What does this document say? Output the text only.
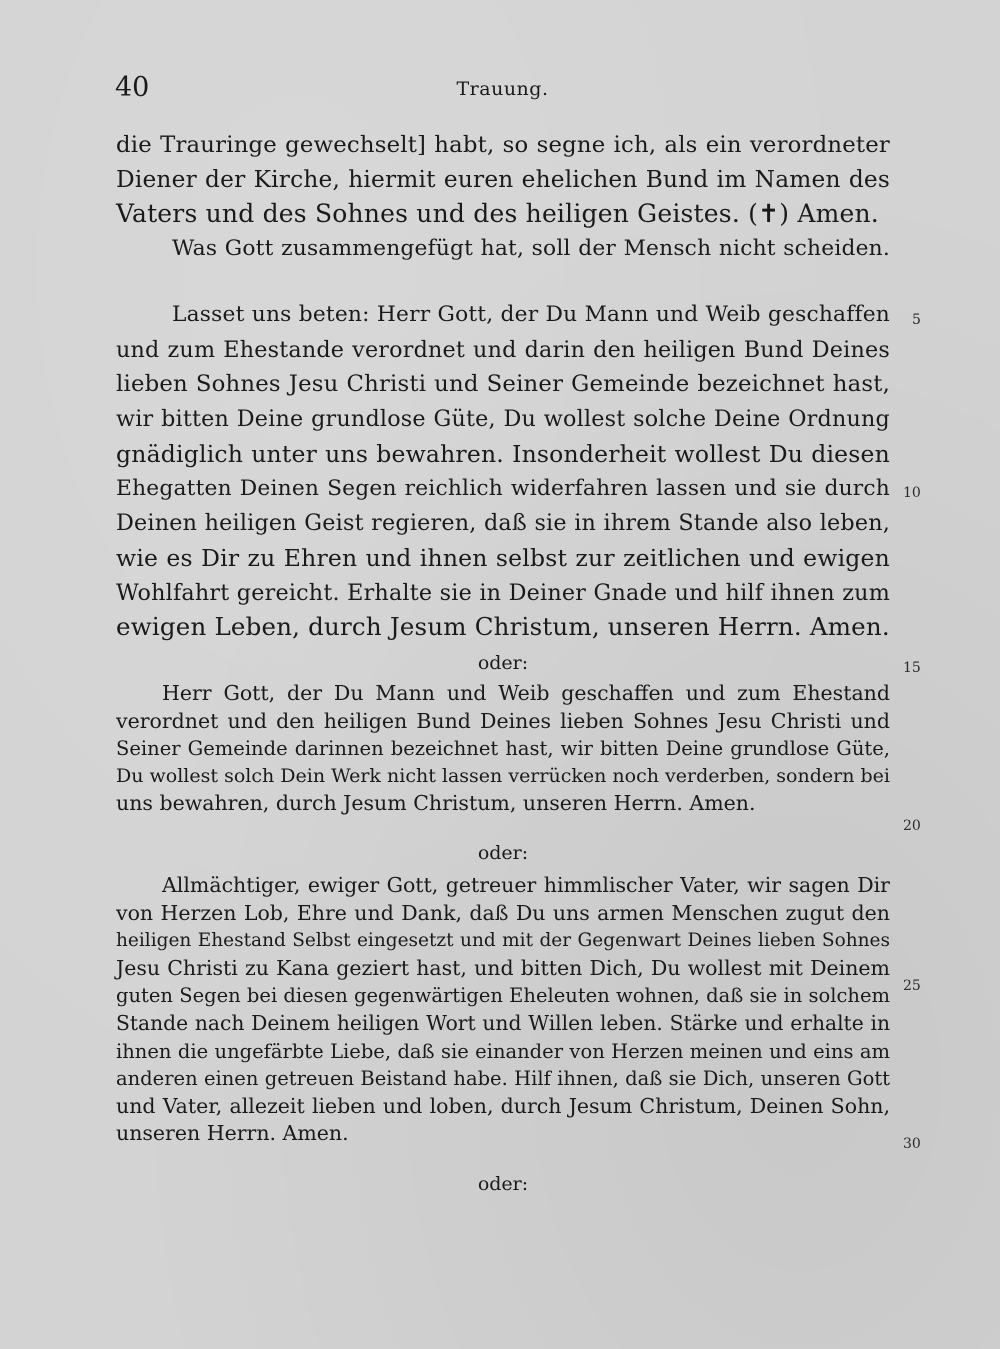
40	Trauung.
die Trauringe gewechselt] habt, so segne ich, als ein verordneter
Diener der Kirche, hiermit euren ehelichen Bund im Namen des
Vaters und des Sohnes und des heiligen Geistes. (✝) Amen.
Was Gott zusammengefügt hat, soll der Mensch nicht scheiden.
Lasset uns beten: Herr Gott, der Du Mann und Weib geschaffen
und zum Ehestande verordnet und darin den heiligen Bund Deines
lieben Sohnes Jesu Christi und Seiner Gemeinde bezeichnet hast,
wir bitten Deine grundlose Güte, Du wollest solche Deine Ordnung
gnädiglich unter uns bewahren. Insonderheit wollest Du diesen
Ehegatten Deinen Segen reichlich widerfahren lassen und sie durch
Deinen heiligen Geist regieren, daß sie in ihrem Stande also leben,
wie es Dir zu Ehren und ihnen selbst zur zeitlichen und ewigen
Wohlfahrt gereicht. Erhalte sie in Deiner Gnade und hilf ihnen zum
ewigen Leben, durch Jesum Christum, unseren Herrn. Amen.
oder:
Herr Gott, der Du Mann und Weib geschaffen und zum Ehestand
verordnet und den heiligen Bund Deines lieben Sohnes Jesu Christi und
Seiner Gemeinde darinnen bezeichnet hast, wir bitten Deine grundlose Güte,
Du wollest solch Dein Werk nicht lassen verrücken noch verderben, sondern bei
uns bewahren, durch Jesum Christum, unseren Herrn. Amen.
oder:
Allmächtiger, ewiger Gott, getreuer himmlischer Vater, wir sagen Dir
von Herzen Lob, Ehre und Dank, daß Du uns armen Menschen zugut den
heiligen Ehestand Selbst eingesetzt und mit der Gegenwart Deines lieben Sohnes
Jesu Christi zu Kana geziert hast, und bitten Dich, Du wollest mit Deinem
guten Segen bei diesen gegenwärtigen Eheleuten wohnen, daß sie in solchem
Stande nach Deinem heiligen Wort und Willen leben. Stärke und erhalte in
ihnen die ungefärbte Liebe, daß sie einander von Herzen meinen und eins am
anderen einen getreuen Beistand habe. Hilf ihnen, daß sie Dich, unseren Gott
und Vater, allezeit lieben und loben, durch Jesum Christum, Deinen Sohn,
unseren Herrn. Amen.
oder:
5
10
15
20
25
30
